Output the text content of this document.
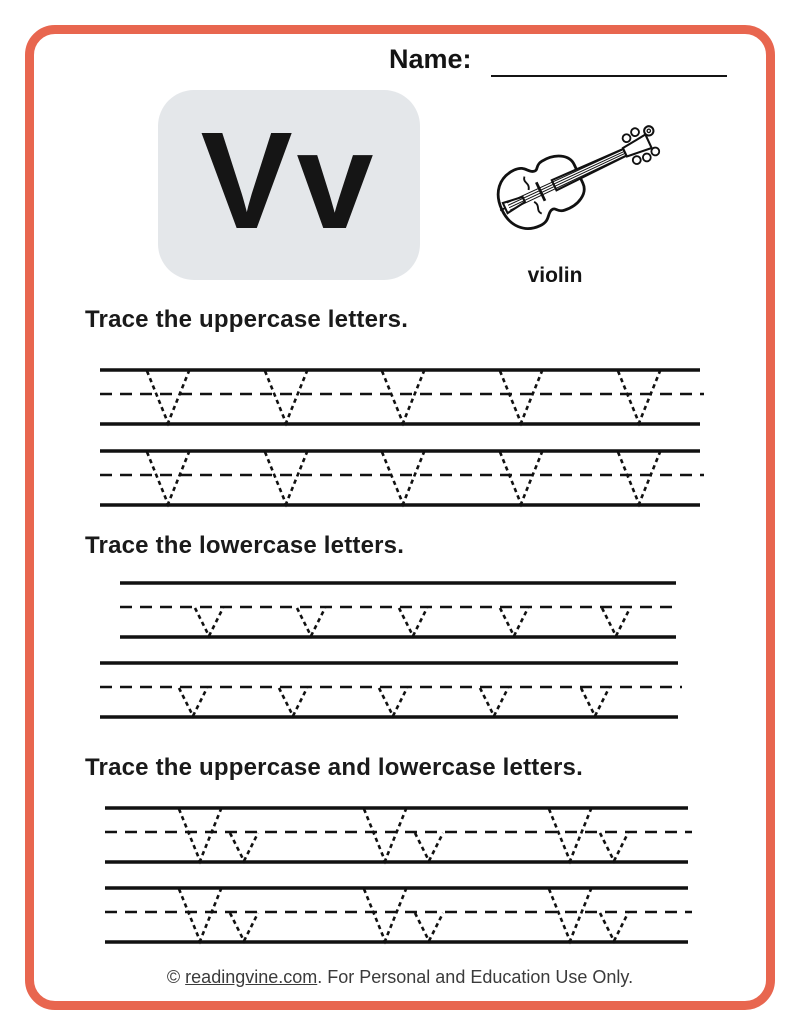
Name:
Vv
violin
Trace the uppercase letters.
Trace the lowercase letters.
Trace the uppercase and lowercase letters.
© readingvine.com. For Personal and Education Use Only.
